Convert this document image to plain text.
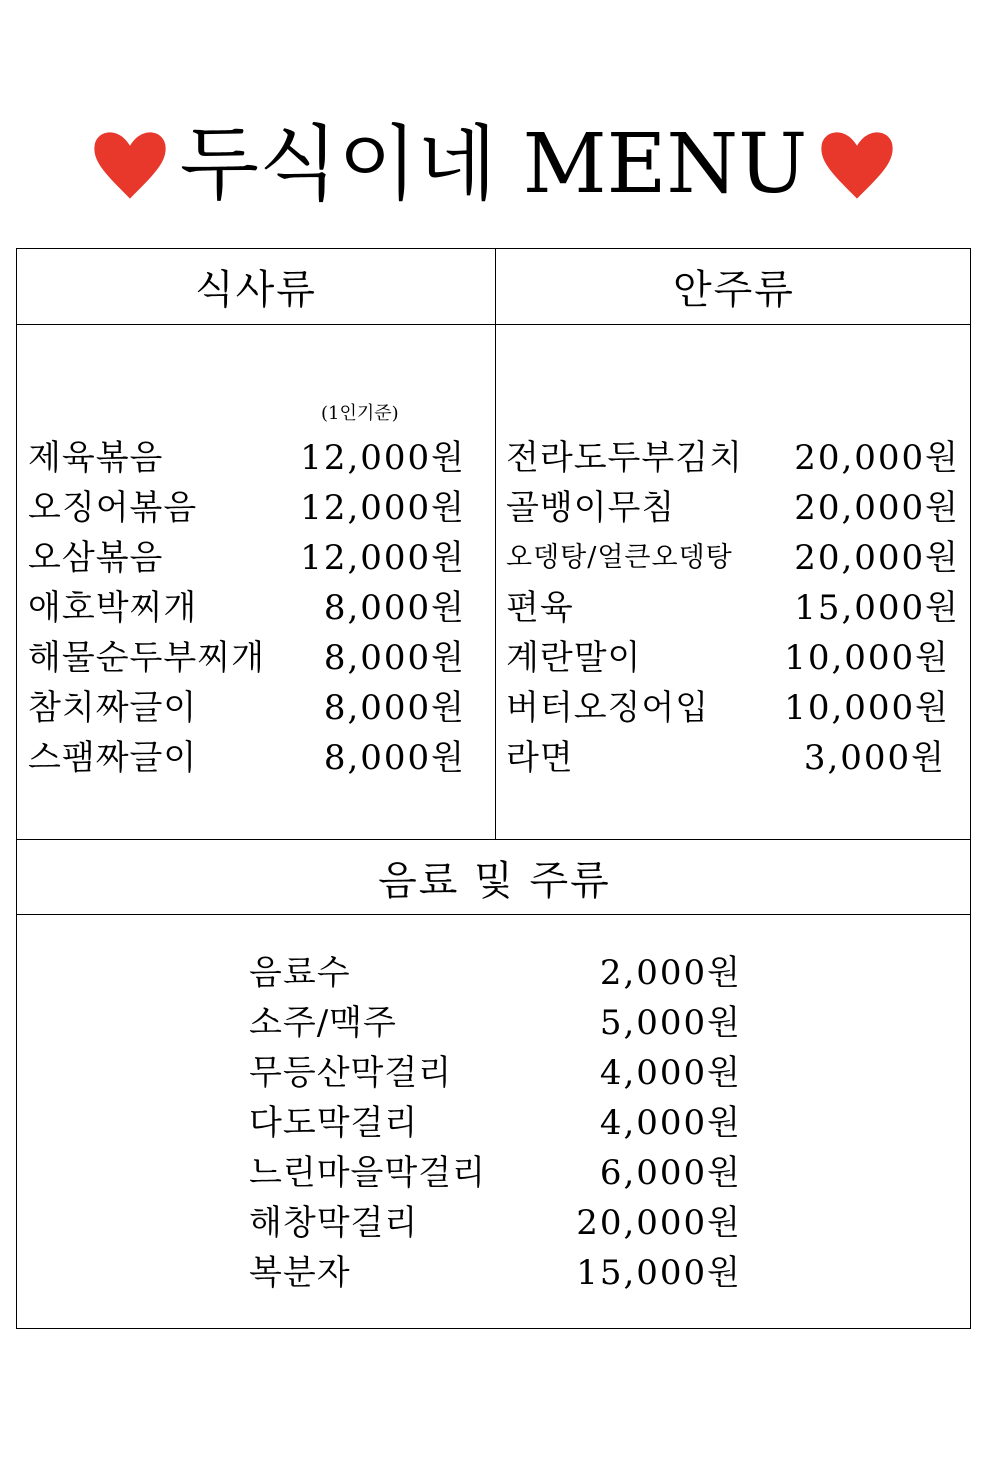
두식이네 MENU
식사류	안주류
음료 및 주류
(1인기준)
제육볶음	12,000원
오징어볶음	12,000원
오삼볶음	12,000원
애호박찌개	8,000원
해물순두부찌개 8,000원
참치짜글이	8,000원
스팸짜글이	8,000원
전라도두부김치 20,000원
골뱅이무침	20,000원
오뎅탕/얼큰오뎅탕 20,000원
편육	15,000원
계란말이	10,000원
버터오징어입 10,000원
라면	3,000원
음료수	2,000원
소주/맥주	5,000원
무등산막걸리	4,000원
다도막걸리	4,000원
느린마을막걸리	6,000원
해창막걸리	20,000원
복분자	15,000원
